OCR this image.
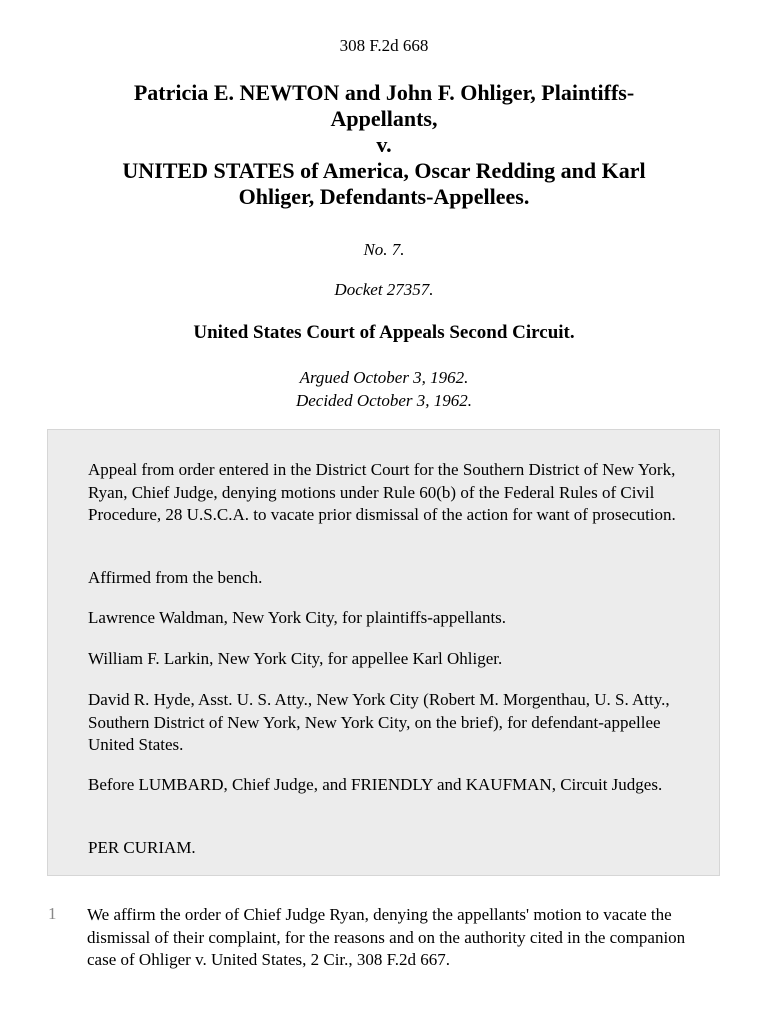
308 F.2d 668
Patricia E. NEWTON and John F. Ohliger, Plaintiffs-
Appellants,
v.
UNITED STATES of America, Oscar Redding and Karl
Ohliger, Defendants-Appellees.
No. 7.
Docket 27357.
United States Court of Appeals Second Circuit.
Argued October 3, 1962.
Decided October 3, 1962.

Appeal from order entered in the District Court for the Southern District of New York, Ryan, Chief Judge, denying motions under Rule 60(b) of the Federal Rules of Civil Procedure, 28 U.S.C.A. to vacate prior dismissal of the action for want of prosecution.

Affirmed from the bench.

Lawrence Waldman, New York City, for plaintiffs-appellants.

William F. Larkin, New York City, for appellee Karl Ohliger.

David R. Hyde, Asst. U. S. Atty., New York City (Robert M. Morgenthau, U. S. Atty., Southern District of New York, New York City, on the brief), for defendant-appellee United States.

Before LUMBARD, Chief Judge, and FRIENDLY and KAUFMAN, Circuit Judges.

PER CURIAM.

1 We affirm the order of Chief Judge Ryan, denying the appellants' motion to vacate the dismissal of their complaint, for the reasons and on the authority cited in the companion case of Ohliger v. United States, 2 Cir., 308 F.2d 667.
